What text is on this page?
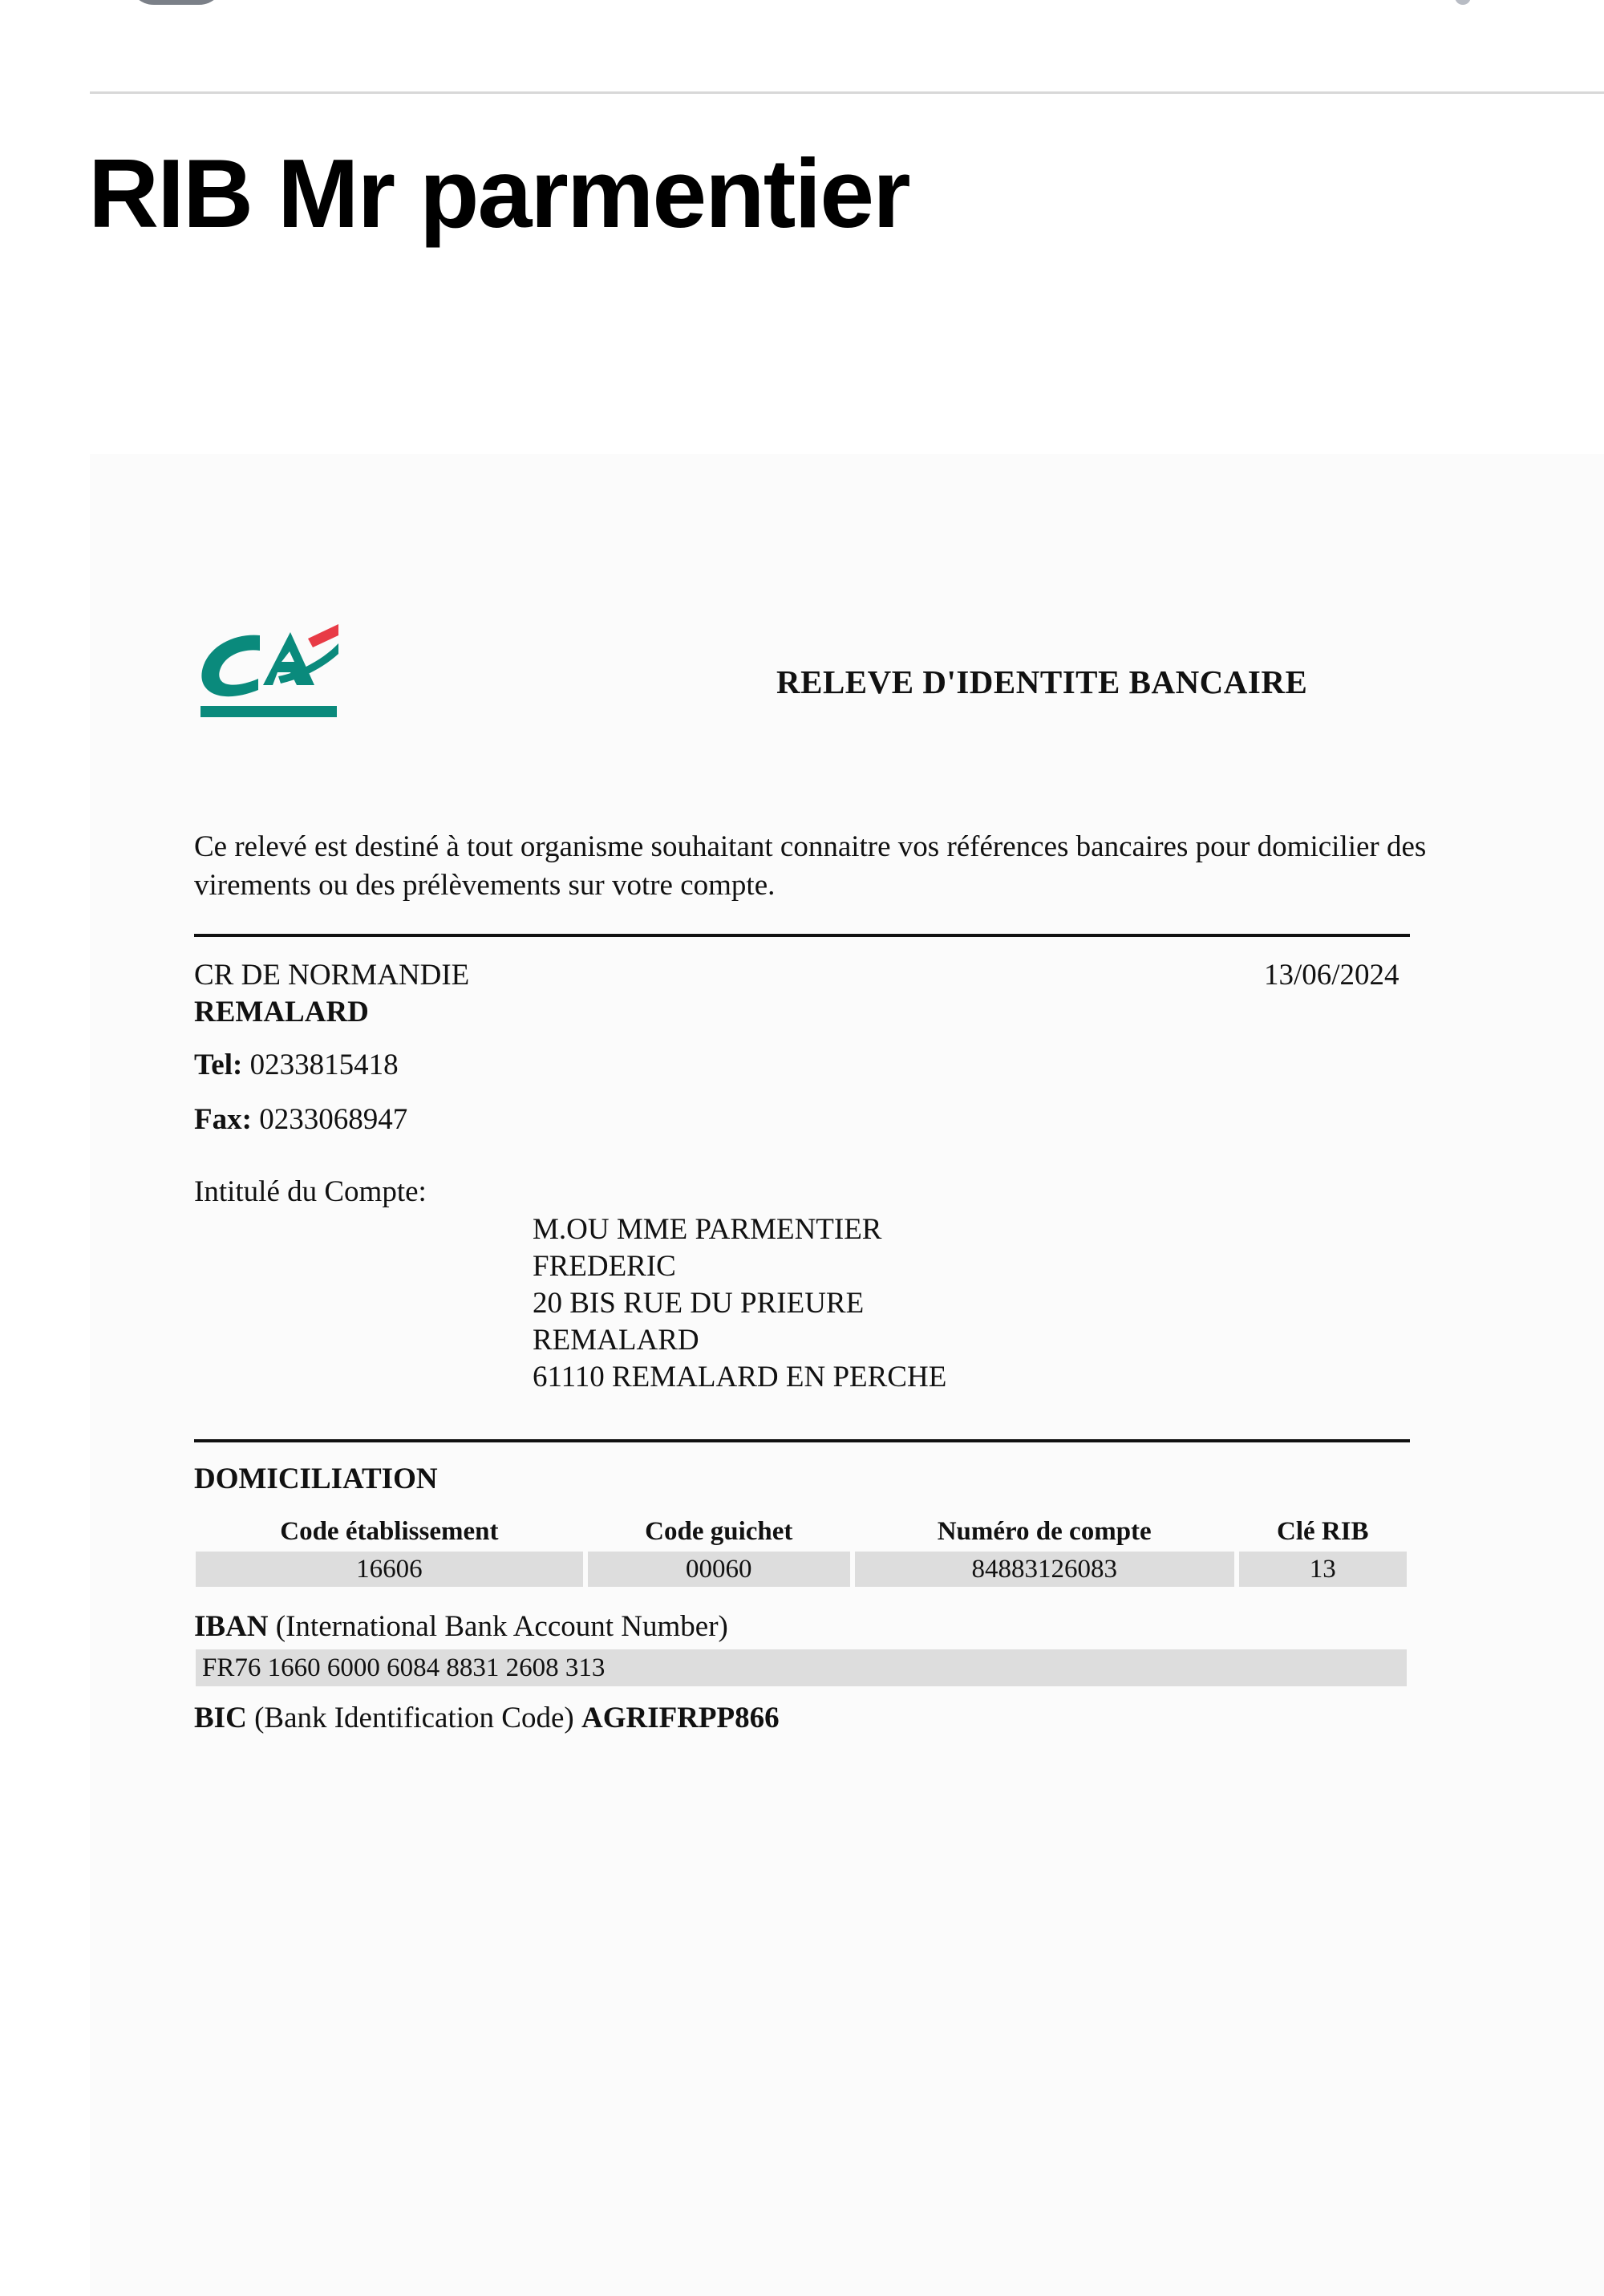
RIB Mr parmentier
RELEVE D'IDENTITE BANCAIRE
Ce relevé est destiné à tout organisme souhaitant connaitre vos références bancaires pour domicilier des virements ou des prélèvements sur votre compte.
CR DE NORMANDIE
REMALARD
13/06/2024
Tel: 0233815418
Fax: 0233068947
Intitulé du Compte:
M.OU MME PARMENTIER
FREDERIC
20 BIS RUE DU PRIEURE
REMALARD
61110 REMALARD EN PERCHE
DOMICILIATION
Code établissement	Code guichet	Numéro de compte	Clé RIB
16606	00060	84883126083	13
IBAN (International Bank Account Number)
FR76 1660 6000 6084 8831 2608 313
BIC (Bank Identification Code) AGRIFRPP866
